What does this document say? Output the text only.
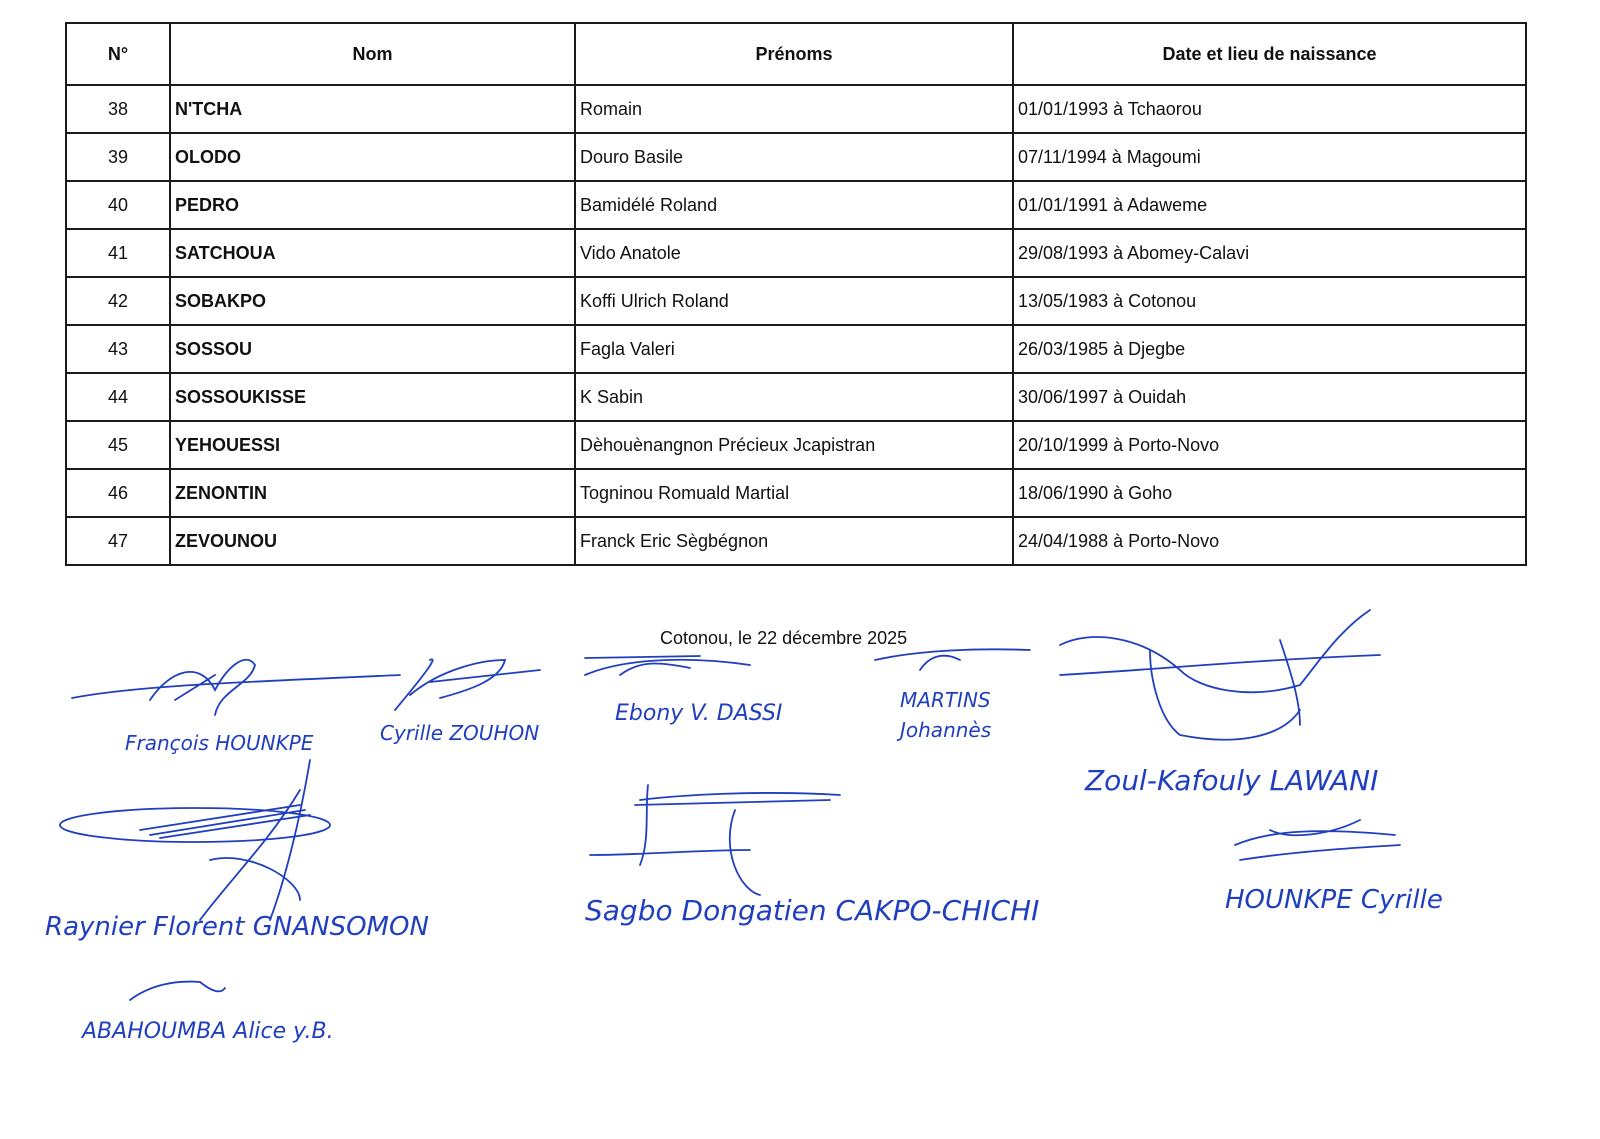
N°	Nom	Prénoms	Date et lieu de naissance
38	N'TCHA	Romain	01/01/1993 à Tchaorou
39	OLODO	Douro Basile	07/11/1994 à Magoumi
40	PEDRO	Bamidélé Roland	01/01/1991 à Adaweme
41	SATCHOUA	Vido Anatole	29/08/1993 à Abomey-Calavi
42	SOBAKPO	Koffi Ulrich Roland	13/05/1983 à Cotonou
43	SOSSOU	Fagla Valeri	26/03/1985 à Djegbe
44	SOSSOUKISSE	K Sabin	30/06/1997 à Ouidah
45	YEHOUESSI	Dèhouènangnon Précieux Jcapistran	20/10/1999 à Porto-Novo
46	ZENONTIN	Togninou Romuald Martial	18/06/1990 à Goho
47	ZEVOUNOU	Franck Eric Sègbégnon	24/04/1988 à Porto-Novo
Cotonou, le 22 décembre 2025
François HOUNKPE	Cyrille ZOUHON
Ebony V. DASSI
MARTINS
Johannès
Zoul-Kafouly LAWANI
Raynier Florent GNANSOMON	Sagbo Dongatien CAKPO-CHICHI	HOUNKPE Cyrille
ABAHOUMBA Alice y.B.
